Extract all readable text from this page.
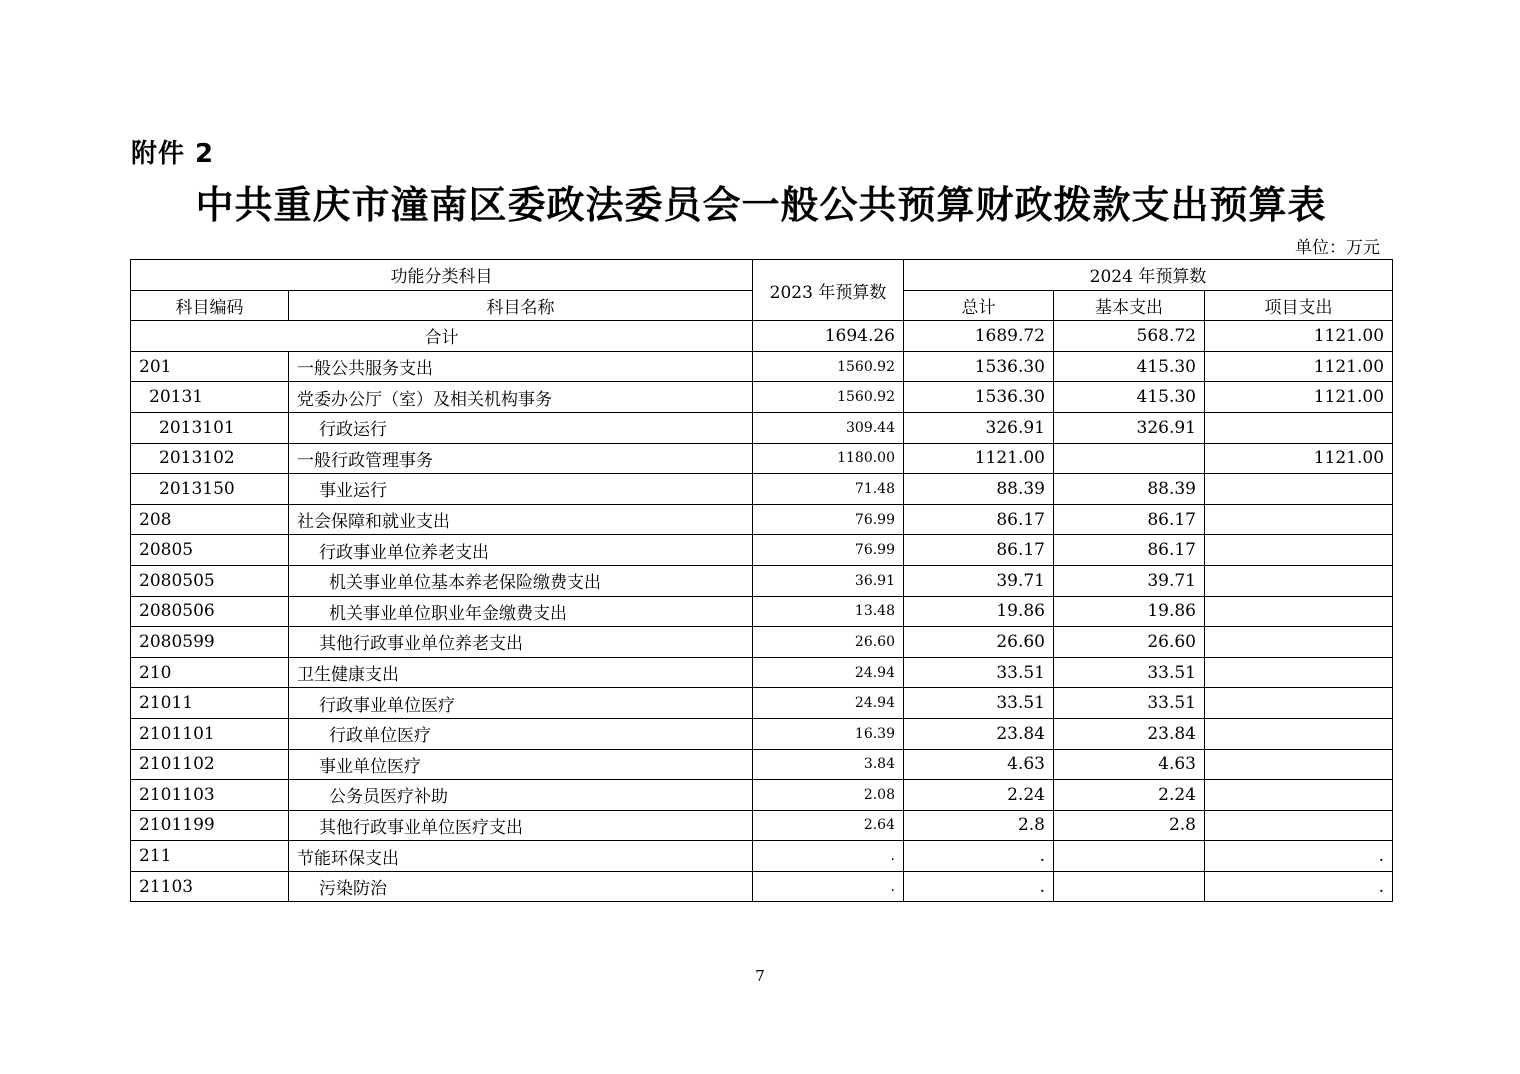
附件 2
中共重庆市潼南区委政法委员会一般公共预算财政拨款支出预算表
单位：万元
功能分类科目		2023 年预算数	2024 年预算数		
科目编码	科目名称		总计	基本支出	项目支出
合计		1694.26	1689.72	568.72	1121.00
201	一般公共服务支出	1560.92	1536.30	415.30	1121.00
20131	党委办公厅（室）及相关机构事务	1560.92	1536.30	415.30	1121.00
2013101	行政运行	309.44	326.91	326.91	
2013102	一般行政管理事务	1180.00	1121.00		1121.00
2013150	事业运行	71.48	88.39	88.39	
208	社会保障和就业支出	76.99	86.17	86.17	
20805	行政事业单位养老支出	76.99	86.17	86.17	
2080505	机关事业单位基本养老保险缴费支出	36.91	39.71	39.71	
2080506	机关事业单位职业年金缴费支出	13.48	19.86	19.86	
2080599	其他行政事业单位养老支出	26.60	26.60	26.60	
210	卫生健康支出	24.94	33.51	33.51	
21011	行政事业单位医疗	24.94	33.51	33.51	
2101101	行政单位医疗	16.39	23.84	23.84	
2101102	事业单位医疗	3.84	4.63	4.63	
2101103	公务员医疗补助	2.08	2.24	2.24	
2101199	其他行政事业单位医疗支出	2.64	2.8	2.8	
211	节能环保支出	.	.		.
21103	污染防治	.	.		.
7
